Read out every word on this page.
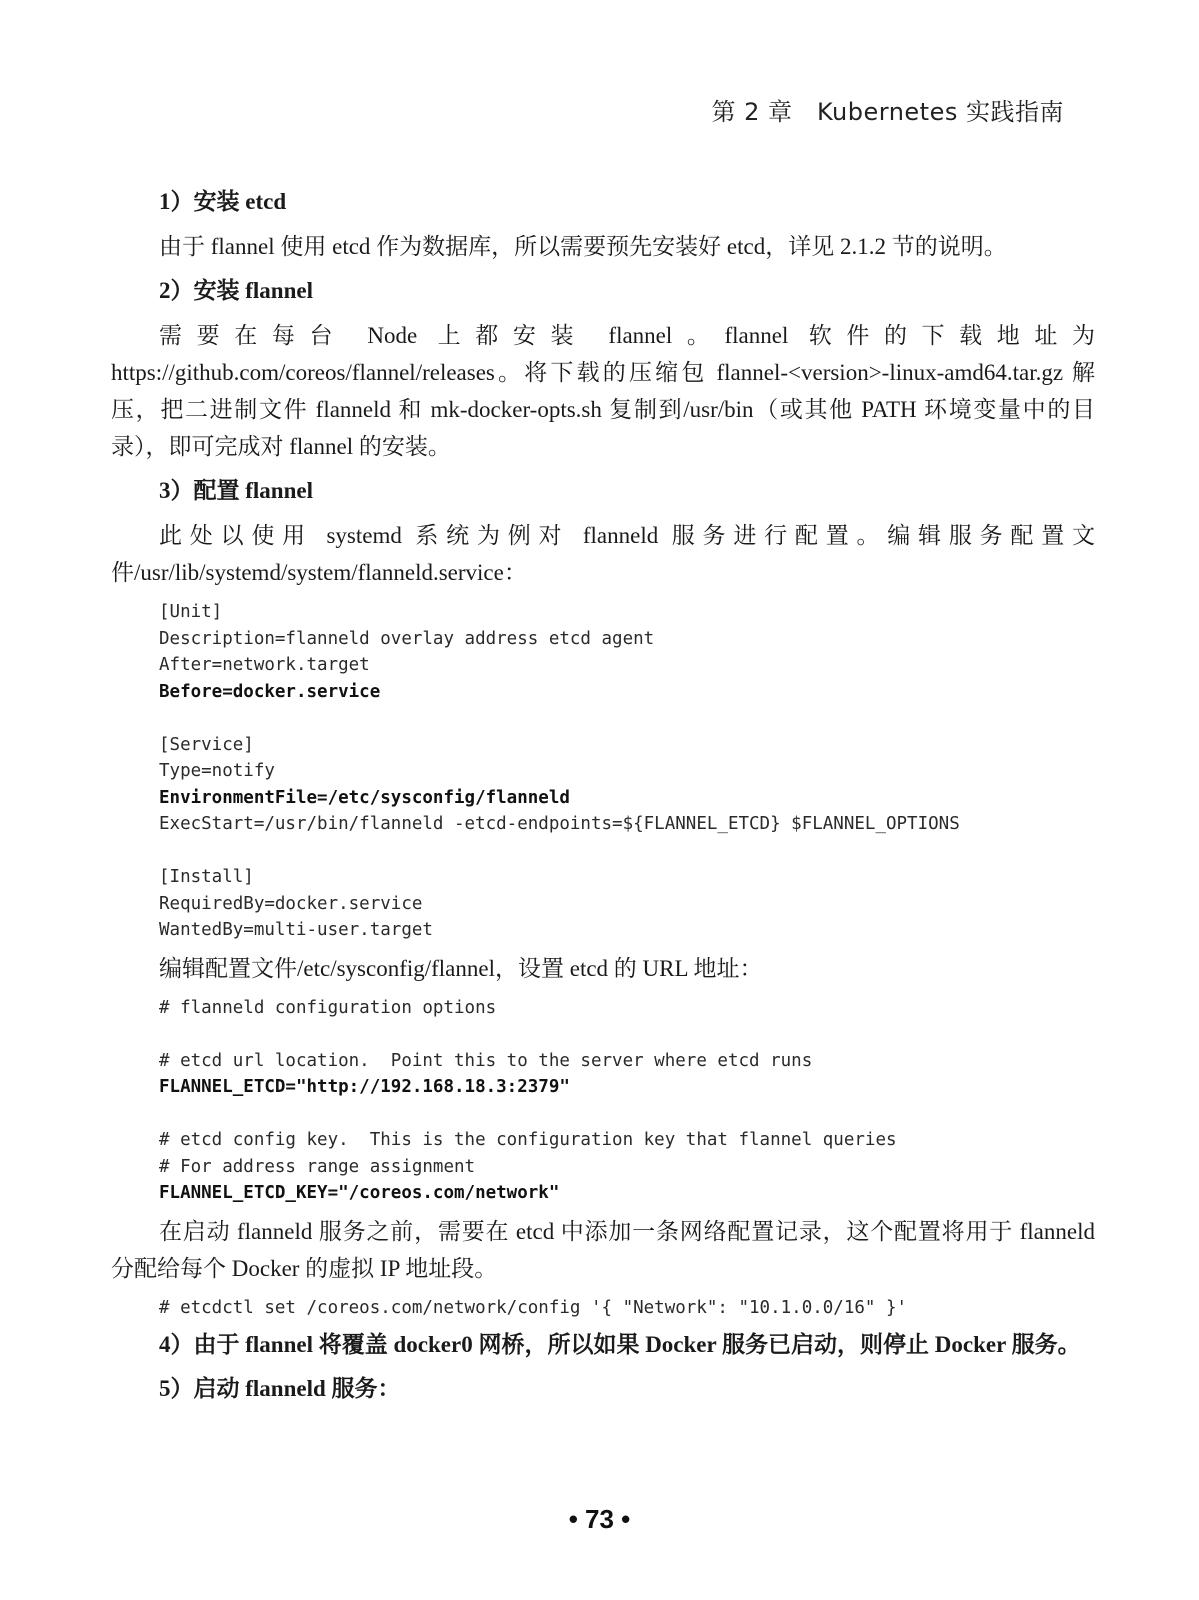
第 2 章　Kubernetes 实践指南
1）安装 etcd

由于 flannel 使用 etcd 作为数据库，所以需要预先安装好 etcd，详见 2.1.2 节的说明。

2）安装 flannel

需要在每台 Node 上都安装 flannel。flannel 软件的下载地址为 https://github.com/coreos/flannel/releases。将下载的压缩包 flannel-<version>-linux-amd64.tar.gz 解压，把二进制文件 flanneld 和 mk-docker-opts.sh 复制到/usr/bin（或其他 PATH 环境变量中的目录），即可完成对 flannel 的安装。

3）配置 flannel

此处以使用 systemd 系统为例对 flanneld 服务进行配置。编辑服务配置文件/usr/lib/systemd/system/flanneld.service：

[Unit]
Description=flanneld overlay address etcd agent
After=network.target
Before=docker.service
[Service]
Type=notify
EnvironmentFile=/etc/sysconfig/flanneld
ExecStart=/usr/bin/flanneld -etcd-endpoints=${FLANNEL_ETCD} $FLANNEL_OPTIONS
[Install]
RequiredBy=docker.service
WantedBy=multi-user.target

编辑配置文件/etc/sysconfig/flannel，设置 etcd 的 URL 地址：

# flanneld configuration options
# etcd url location.  Point this to the server where etcd runs
FLANNEL_ETCD="http://192.168.18.3:2379"
# etcd config key.  This is the configuration key that flannel queries
# For address range assignment
FLANNEL_ETCD_KEY="/coreos.com/network"

在启动 flanneld 服务之前，需要在 etcd 中添加一条网络配置记录，这个配置将用于 flanneld 分配给每个 Docker 的虚拟 IP 地址段。

# etcdctl set /coreos.com/network/config '{ "Network": "10.1.0.0/16" }'
4）由于 flannel 将覆盖 docker0 网桥，所以如果 Docker 服务已启动，则停止 Docker 服务。
5）启动 flanneld 服务：
• 73 •
